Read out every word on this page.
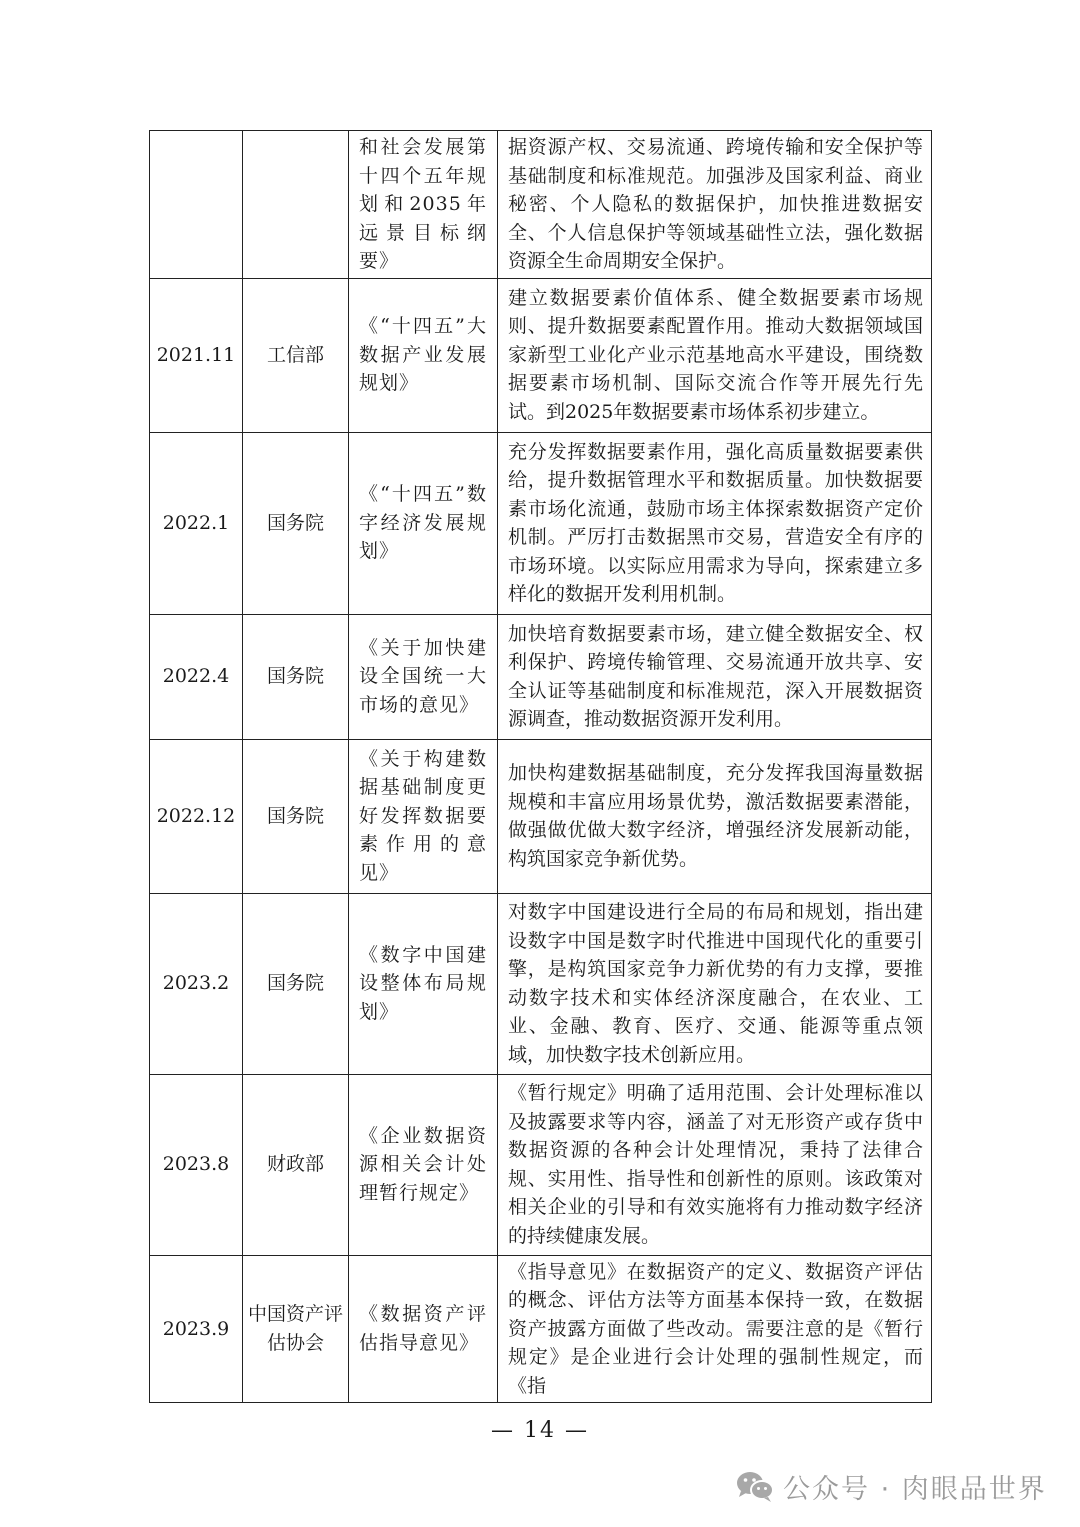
		和社会发展第十四个五年规划和2035年远景目标纲要》	据资源产权、交易流通、跨境传输和安全保护等基础制度和标准规范。加强涉及国家利益、商业秘密、个人隐私的数据保护，加快推进数据安全、个人信息保护等领域基础性立法，强化数据资源全生命周期安全保护。
2021.11	工信部	《“十四五”大数据产业发展规划》	建立数据要素价值体系、健全数据要素市场规则、提升数据要素配置作用。推动大数据领域国家新型工业化产业示范基地高水平建设，围绕数据要素市场机制、国际交流合作等开展先行先试。到2025年数据要素市场体系初步建立。
2022.1	国务院	《“十四五”数字经济发展规划》	充分发挥数据要素作用，强化高质量数据要素供给，提升数据管理水平和数据质量。加快数据要素市场化流通，鼓励市场主体探索数据资产定价机制。严厉打击数据黑市交易，营造安全有序的市场环境。以实际应用需求为导向，探索建立多样化的数据开发利用机制。
2022.4	国务院	《关于加快建设全国统一大市场的意见》	加快培育数据要素市场，建立健全数据安全、权利保护、跨境传输管理、交易流通开放共享、安全认证等基础制度和标准规范，深入开展数据资源调查，推动数据资源开发利用。
2022.12	国务院	《关于构建数据基础制度更好发挥数据要素作用的意见》	加快构建数据基础制度，充分发挥我国海量数据规模和丰富应用场景优势，激活数据要素潜能，做强做优做大数字经济，增强经济发展新动能，构筑国家竞争新优势。
2023.2	国务院	《数字中国建设整体布局规划》	对数字中国建设进行全局的布局和规划，指出建设数字中国是数字时代推进中国现代化的重要引擎，是构筑国家竞争力新优势的有力支撑，要推动数字技术和实体经济深度融合，在农业、工业、金融、教育、医疗、交通、能源等重点领域，加快数字技术创新应用。
2023.8	财政部	《企业数据资源相关会计处理暂行规定》	《暂行规定》明确了适用范围、会计处理标准以及披露要求等内容，涵盖了对无形资产或存货中数据资源的各种会计处理情况，秉持了法律合规、实用性、指导性和创新性的原则。该政策对相关企业的引导和有效实施将有力推动数字经济的持续健康发展。
2023.9	中国资产评估协会	《数据资产评估指导意见》	《指导意见》在数据资产的定义、数据资产评估的概念、评估方法等方面基本保持一致，在数据资产披露方面做了些改动。需要注意的是《暂行规定》是企业进行会计处理的强制性规定，而《指
— 14 —
公众号 · 肉眼品世界
